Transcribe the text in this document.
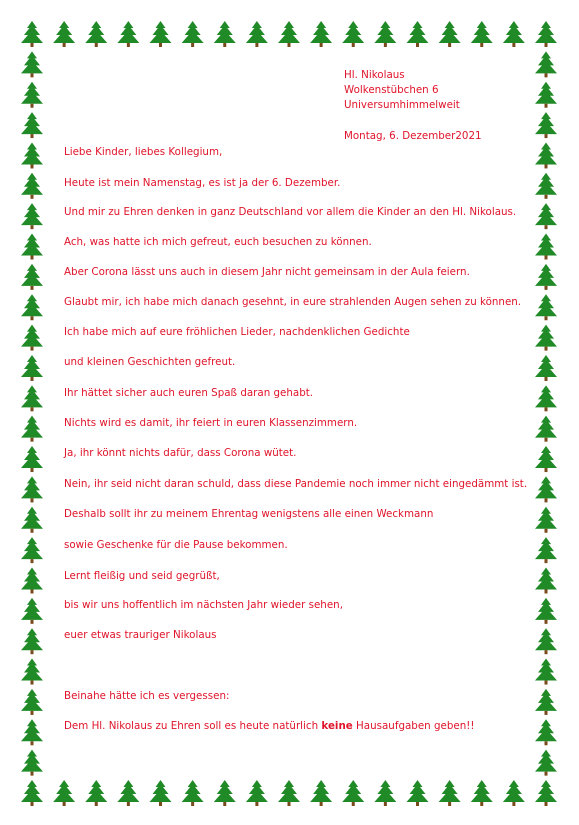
Hl. Nikolaus
Wolkenstübchen 6
Universumhimmelweit
Montag, 6. Dezember2021
Liebe Kinder, liebes Kollegium,
Heute ist mein Namenstag, es ist ja der 6. Dezember.
Und mir zu Ehren denken in ganz Deutschland vor allem die Kinder an den Hl. Nikolaus.
Ach, was hatte ich mich gefreut, euch besuchen zu können.
Aber Corona lässt uns auch in diesem Jahr nicht gemeinsam in der Aula feiern.
Glaubt mir, ich habe mich danach gesehnt, in eure strahlenden Augen sehen zu können.
Ich habe mich auf eure fröhlichen Lieder, nachdenklichen Gedichte
und kleinen Geschichten gefreut.
Ihr hättet sicher auch euren Spaß daran gehabt.
Nichts wird es damit, ihr feiert in euren Klassenzimmern.
Ja, ihr könnt nichts dafür, dass Corona wütet.
Nein, ihr seid nicht daran schuld, dass diese Pandemie noch immer nicht eingedämmt ist.
Deshalb sollt ihr zu meinem Ehrentag wenigstens alle einen Weckmann
sowie Geschenke für die Pause bekommen.
Lernt fleißig und seid gegrüßt,
bis wir uns hoffentlich im nächsten Jahr wieder sehen,
euer etwas trauriger Nikolaus
Beinahe hätte ich es vergessen:
Dem Hl. Nikolaus zu Ehren soll es heute natürlich keine Hausaufgaben geben!!
